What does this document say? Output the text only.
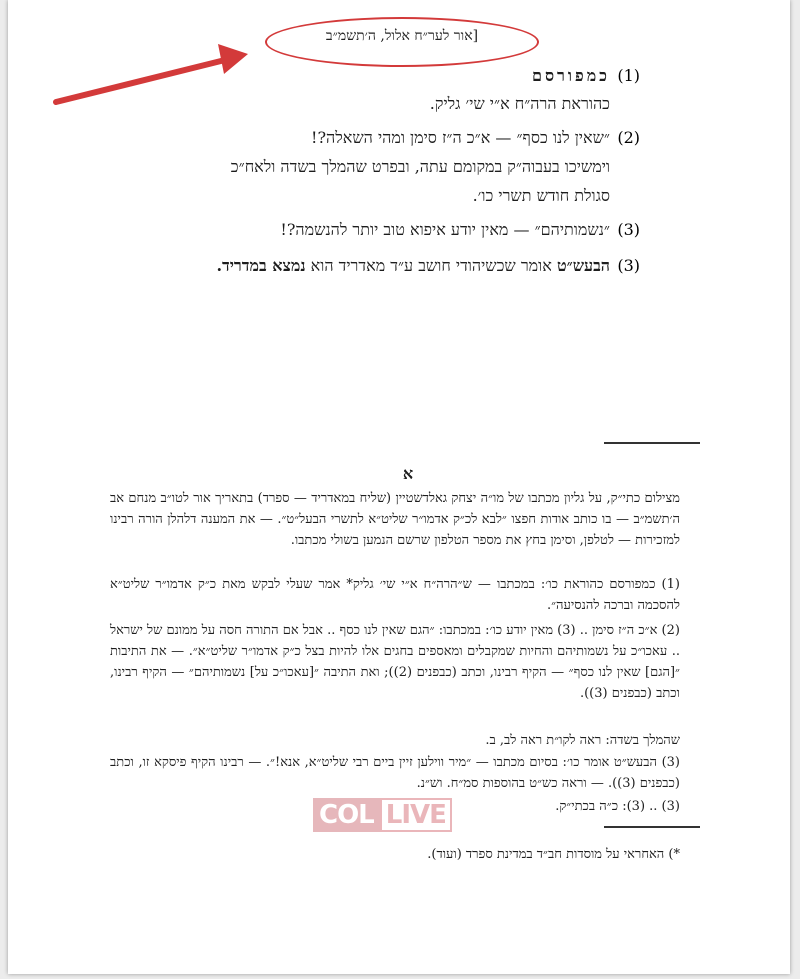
[אור לער״ח אלול, ה׳תשמ״ב
(1)
כמפורסם
כהוראת הרה״ח א״י שי׳ גליק.
(2)
״שאין לנו כסף״ — א״כ ה״ז סימן ומהי השאלה?!
וימשיכו בעבוה״ק במקומם עתה, ובפרט שהמלך בשדה ולאח״כ
סגולת חודש תשרי כו׳.
(3)
״נשמותיהם״ — מאין יודע איפוא טוב יותר להנשמה?!
(3)
הבעש״ט אומר שכשיהודי חושב ע״ד מאדריד הוא נמצא במדריד.
א
מצילום כתי״ק, על גליון מכתבו של מו״ה יצחק גאלדשטיין (שליח במאדריד — ספרד) בתאריך אור לטו״ב מנחם אב ה׳תשמ״ב — בו כותב אודות חפצו ״לבא לכ״ק אדמו״ר שליט״א לתשרי הבעל״ט״. — את המענה דלהלן הורה רבינו למזכירות — לטלפן, וסימן בחץ את מספר הטלפון שרשם הנמען בשולי מכתבו.
(1) כמפורסם כהוראת כו׳: במכתבו — ש״הרה״ח א״י שי׳ גליק* אמר שעלי לבקש מאת כ״ק אדמו״ר שליט״א להסכמה וברכה להנסיעה״.
(2) א״כ ה״ז סימן .. (3) מאין יודע כו׳: במכתבו: ״הגם שאין לנו כסף .. אבל אם התורה חסה על ממונם של ישראל .. עאכו״כ על נשמותיהם והחיות שמקבלים ומאספים בחגים אלו להיות בצל כ״ק אדמו״ר שליט״א״. — את התיבות ״[הגם] שאין לנו כסף״ — הקיף רבינו, וכתב (כבפנים (2)); ואת התיבה ״[עאכו״כ על] נשמותיהם״ — הקיף רבינו, וכתב (כבפנים (3)).
שהמלך בשדה: ראה לקו״ת ראה לב, ב.
(3) הבעש״ט אומר כו׳: בסיום מכתבו — ״מיר ווילען זיין ביים רבי שליט״א, אנא!״. — רבינו הקיף פיסקא זו, וכתב (כבפנים (3)). — וראה כש״ט בהוספות סמ״ח. וש״נ.
(3) .. (3): כ״ה בכתי״ק.
*) האחראי על מוסדות חב״ד במדינת ספרד (ועוד).
COL LIVE
